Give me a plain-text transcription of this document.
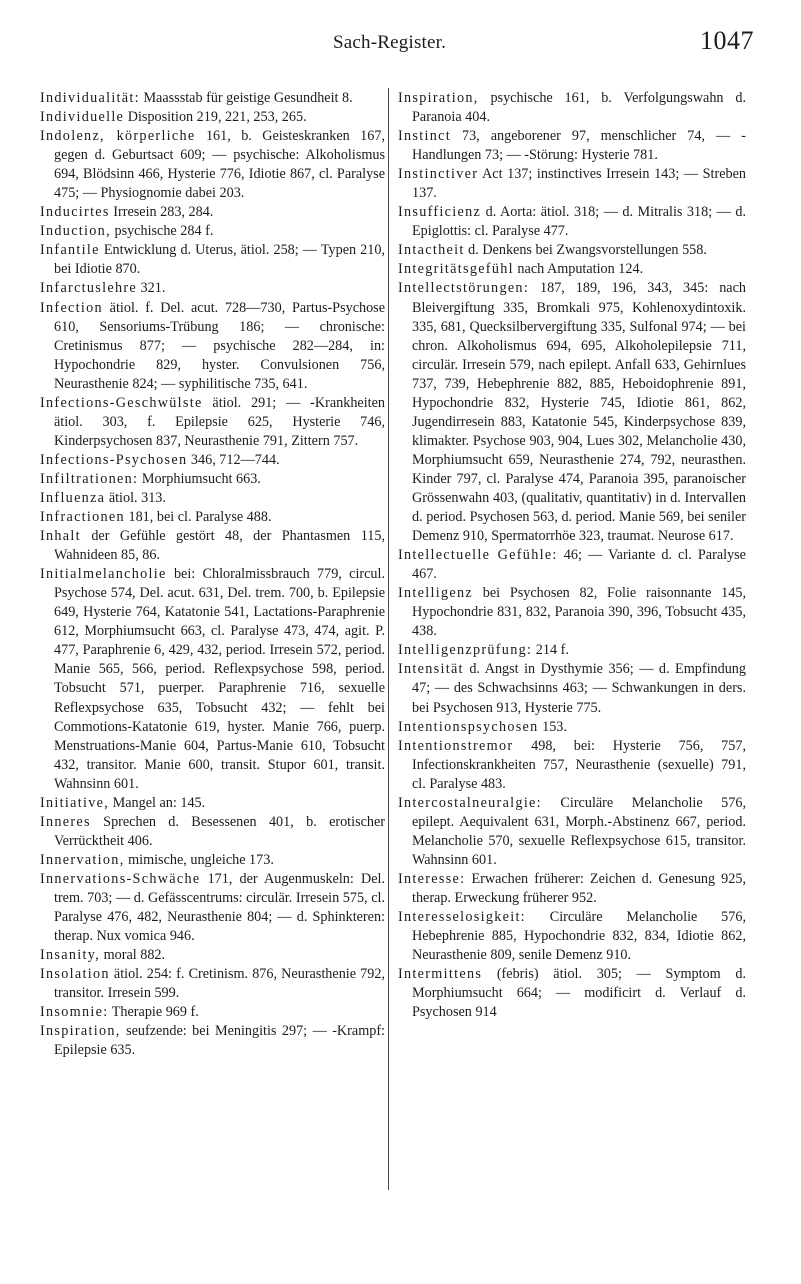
Sach-Register.	1047

Individualität: Maassstab für geistige Gesundheit 8.

Individuelle Disposition 219, 221, 253, 265.

Indolenz, körperliche 161, b. Geisteskranken 167, gegen d. Geburtsact 609; — psychische: Alkoholismus 694, Blödsinn 466, Hysterie 776, Idiotie 867, cl. Paralyse 475; — Physiognomie dabei 203.

Inducirtes Irresein 283, 284.

Induction, psychische 284 f.

Infantile Entwicklung d. Uterus, ätiol. 258; — Typen 210, bei Idiotie 870.

Infarctuslehre 321.

Infection ätiol. f. Del. acut. 728—730, Partus-Psychose 610, Sensoriums-Trübung 186; — chronische: Cretinismus 877; — psychische 282—284, in: Hypochondrie 829, hyster. Convulsionen 756, Neurasthenie 824; — syphilitische 735, 641.

Infections-Geschwülste ätiol. 291; — -Krankheiten ätiol. 303, f. Epilepsie 625, Hysterie 746, Kinderpsychosen 837, Neurasthenie 791, Zittern 757.

Infections-Psychosen 346, 712—744.

Infiltrationen: Morphiumsucht 663.

Influenza ätiol. 313.

Infractionen 181, bei cl. Paralyse 488.

Inhalt der Gefühle gestört 48, der Phantasmen 115, Wahnideen 85, 86.

Initialmelancholie bei: Chloralmissbrauch 779, circul. Psychose 574, Del. acut. 631, Del. trem. 700, b. Epilepsie 649, Hysterie 764, Katatonie 541, Lactations-Paraphrenie 612, Morphiumsucht 663, cl. Paralyse 473, 474, agit. P. 477, Paraphrenie 6, 429, 432, period. Irresein 572, period. Manie 565, 566, period. Reflexpsychose 598, period. Tobsucht 571, puerper. Paraphrenie 716, sexuelle Reflexpsychose 635, Tobsucht 432; — fehlt bei Commotions-Katatonie 619, hyster. Manie 766, puerp. Menstruations-Manie 604, Partus-Manie 610, Tobsucht 432, transitor. Manie 600, transit. Stupor 601, transit. Wahnsinn 601.

Initiative, Mangel an: 145.

Inneres Sprechen d. Besessenen 401, b. erotischer Verrücktheit 406.

Innervation, mimische, ungleiche 173.

Innervations-Schwäche 171, der Augenmuskeln: Del. trem. 703; — d. Gefässcentrums: circulär. Irresein 575, cl. Paralyse 476, 482, Neurasthenie 804; — d. Sphinkteren: therap. Nux vomica 946.

Insanity, moral 882.

Insolation ätiol. 254: f. Cretinism. 876, Neurasthenie 792, transitor. Irresein 599.

Insomnie: Therapie 969 f.

Inspiration, seufzende: bei Meningitis 297; — -Krampf: Epilepsie 635.

Inspiration, psychische 161, b. Verfolgungswahn d. Paranoia 404.

Instinct 73, angeborener 97, menschlicher 74, — -Handlungen 73; — -Störung: Hysterie 781.

Instinctiver Act 137; instinctives Irresein 143; — Streben 137.

Insufficienz d. Aorta: ätiol. 318; — d. Mitralis 318; — d. Epiglottis: cl. Paralyse 477.

Intactheit d. Denkens bei Zwangsvorstellungen 558.

Integritätsgefühl nach Amputation 124.

Intellectstörungen: 187, 189, 196, 343, 345: nach Bleivergiftung 335, Bromkali 975, Kohlenoxydintoxik. 335, 681, Quecksilbervergiftung 335, Sulfonal 974; — bei chron. Alkoholismus 694, 695, Alkoholepilepsie 711, circulär. Irresein 579, nach epilept. Anfall 633, Gehirnlues 737, 739, Hebephrenie 882, 885, Heboidophrenie 891, Hypochondrie 832, Hysterie 745, Idiotie 861, 862, Jugendirresein 883, Katatonie 545, Kinderpsychose 839, klimakter. Psychose 903, 904, Lues 302, Melancholie 430, Morphiumsucht 659, Neurasthenie 274, 792, neurasthen. Kinder 797, cl. Paralyse 474, Paranoia 395, paranoischer Grössenwahn 403, (qualitativ, quantitativ) in d. Intervallen d. period. Psychosen 563, d. period. Manie 569, bei seniler Demenz 910, Spermatorrhöe 323, traumat. Neurose 617.

Intellectuelle Gefühle: 46; — Variante d. cl. Paralyse 467.

Intelligenz bei Psychosen 82, Folie raisonnante 145, Hypochondrie 831, 832, Paranoia 390, 396, Tobsucht 435, 438.

Intelligenzprüfung: 214 f.

Intensität d. Angst in Dysthymie 356; — d. Empfindung 47; — des Schwachsinns 463; — Schwankungen in ders. bei Psychosen 913, Hysterie 775.

Intentionspsychosen 153.

Intentionstremor 498, bei: Hysterie 756, 757, Infectionskrankheiten 757, Neurasthenie (sexuelle) 791, cl. Paralyse 483.

Intercostalneuralgie: Circuläre Melancholie 576, epilept. Aequivalent 631, Morph.-Abstinenz 667, period. Melancholie 570, sexuelle Reflexpsychose 615, transitor. Wahnsinn 601.

Interesse: Erwachen früherer: Zeichen d. Genesung 925, therap. Erweckung früherer 952.

Interesselosigkeit: Circuläre Melancholie 576, Hebephrenie 885, Hypochondrie 832, 834, Idiotie 862, Neurasthenie 809, senile Demenz 910.

Intermittens (febris) ätiol. 305; — Symptom d. Morphiumsucht 664; — modificirt d. Verlauf d. Psychosen 914
